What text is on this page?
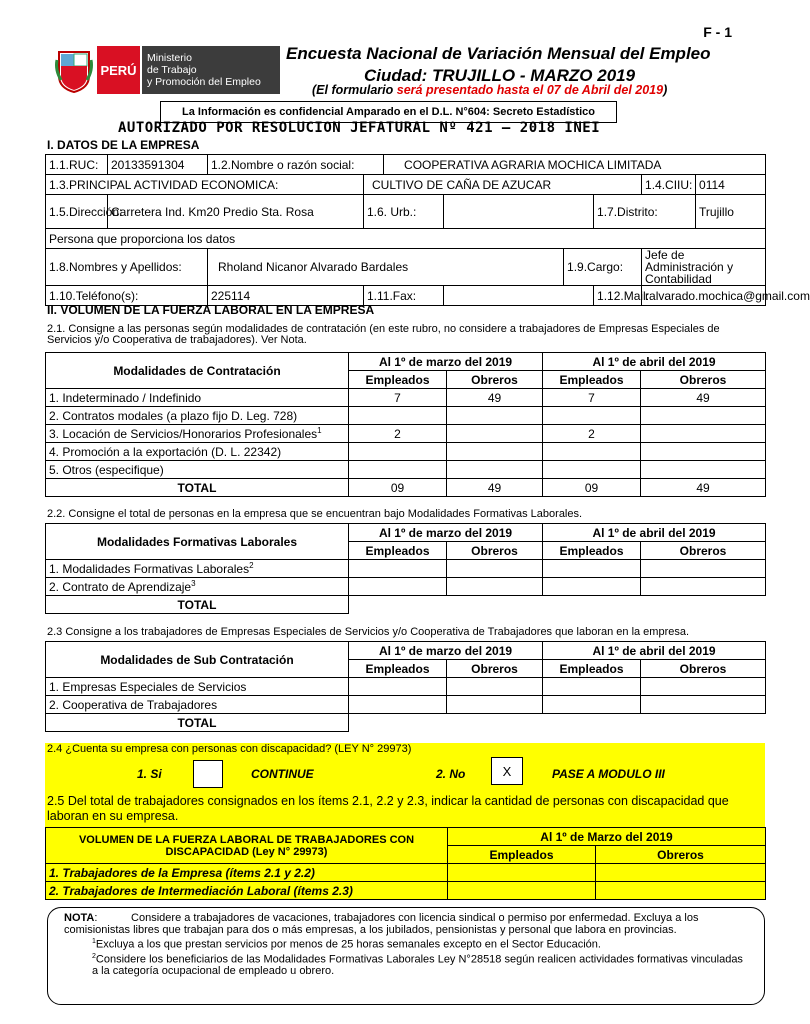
PERÚ
Ministerio
de Trabajo
y Promoción del Empleo
F - 1
Encuesta Nacional de Variación Mensual del Empleo
Ciudad: TRUJILLO - MARZO 2019
(El formulario será presentado hasta el 07 de Abril del 2019)
La Información es confidencial Amparado en el D.L. N°604: Secreto Estadístico
AUTORIZADO POR RESOLUCION JEFATURAL Nº 421 – 2018 INEI
I. DATOS DE LA EMPRESA
1.1.RUC:	20133591304	1.2.Nombre o razón social:		COOPERATIVA AGRARIA MOCHICA LIMITADA					
1.3.PRINCIPAL ACTIVIDAD ECONOMICA:			CULTIVO DE CAÑA DE AZUCAR					1.4.CIIU:	0114
1.5.Dirección:	Carretera Ind. Km20 Predio Sta. Rosa		1.6. Urb.:				1.7.Distrito:		Trujillo
Persona que proporciona los datos									
1.8.Nombres y Apellidos:		Rholand Nicanor Alvarado Bardales				1.9.Cargo:		Jefe de Administración y Contabilidad	
1.10.Teléfono(s):		225114	1.11.Fax:				1.12.Mail:	ralvarado.mochica@gmail.com	
II. VOLUMEN DE LA FUERZA LABORAL EN LA EMPRESA
2.1. Consigne a las personas según modalidades de contratación (en este rubro, no considere a trabajadores de Empresas Especiales de Servicios y/o Cooperativa de trabajadores). Ver Nota.
Modalidades de Contratación	Al 1º de marzo del 2019		Al 1º de abril del 2019	
	Empleados	Obreros	Empleados	Obreros
1. Indeterminado / Indefinido	7	49	7	49
2. Contratos modales (a plazo fijo D. Leg. 728)				
3. Locación de Servicios/Honorarios Profesionales$^1$	2		2	
4. Promoción a la exportación (D. L. 22342)				
5. Otros (especifique)				
TOTAL	09	49	09	49
2.2. Consigne el total de personas en la empresa que se encuentran bajo Modalidades Formativas Laborales.
Modalidades Formativas Laborales	Al 1º de marzo del 2019		Al 1º de abril del 2019	
	Empleados	Obreros	Empleados	Obreros
1. Modalidades Formativas Laborales$^2$				
2. Contrato de Aprendizaje$^3$				
TOTAL				
2.3 Consigne a los trabajadores de Empresas Especiales de Servicios y/o Cooperativa de Trabajadores que laboran en la empresa.
Modalidades de Sub Contratación	Al 1º de marzo del 2019		Al 1º de abril del 2019	
	Empleados	Obreros	Empleados	Obreros
1. Empresas Especiales de Servicios				
2. Cooperativa de Trabajadores				
TOTAL				
2.4 ¿Cuenta su empresa con personas con discapacidad? (LEY N° 29973)
1. Si	CONTINUE	2. No	X	PASE A MODULO III
2.5 Del total de trabajadores consignados en los ítems 2.1, 2.2 y 2.3, indicar la cantidad de personas con discapacidad que laboran en su empresa.
VOLUMEN DE LA FUERZA LABORAL DE TRABAJADORES CON DISCAPACIDAD (Ley N° 29973)	Al 1º de Marzo del 2019	
	Empleados	Obreros
1. Trabajadores de la Empresa (ítems 2.1 y 2.2)		
2. Trabajadores de Intermediación Laboral (ítems 2.3)		
NOTA:           Considere a trabajadores de vacaciones, trabajadores con licencia sindical o permiso por enfermedad. Excluya a los comisionistas libres que trabajan para dos o más empresas, a los jubilados, pensionistas y personal que labora en provincias.
$^1$Excluya a los que prestan servicios por menos de 25 horas semanales excepto en el Sector Educación.
$^2$Considere los beneficiarios de las Modalidades Formativas Laborales Ley N°28518 según realicen actividades formativas vinculadas a la categoría ocupacional de empleado u obrero.
